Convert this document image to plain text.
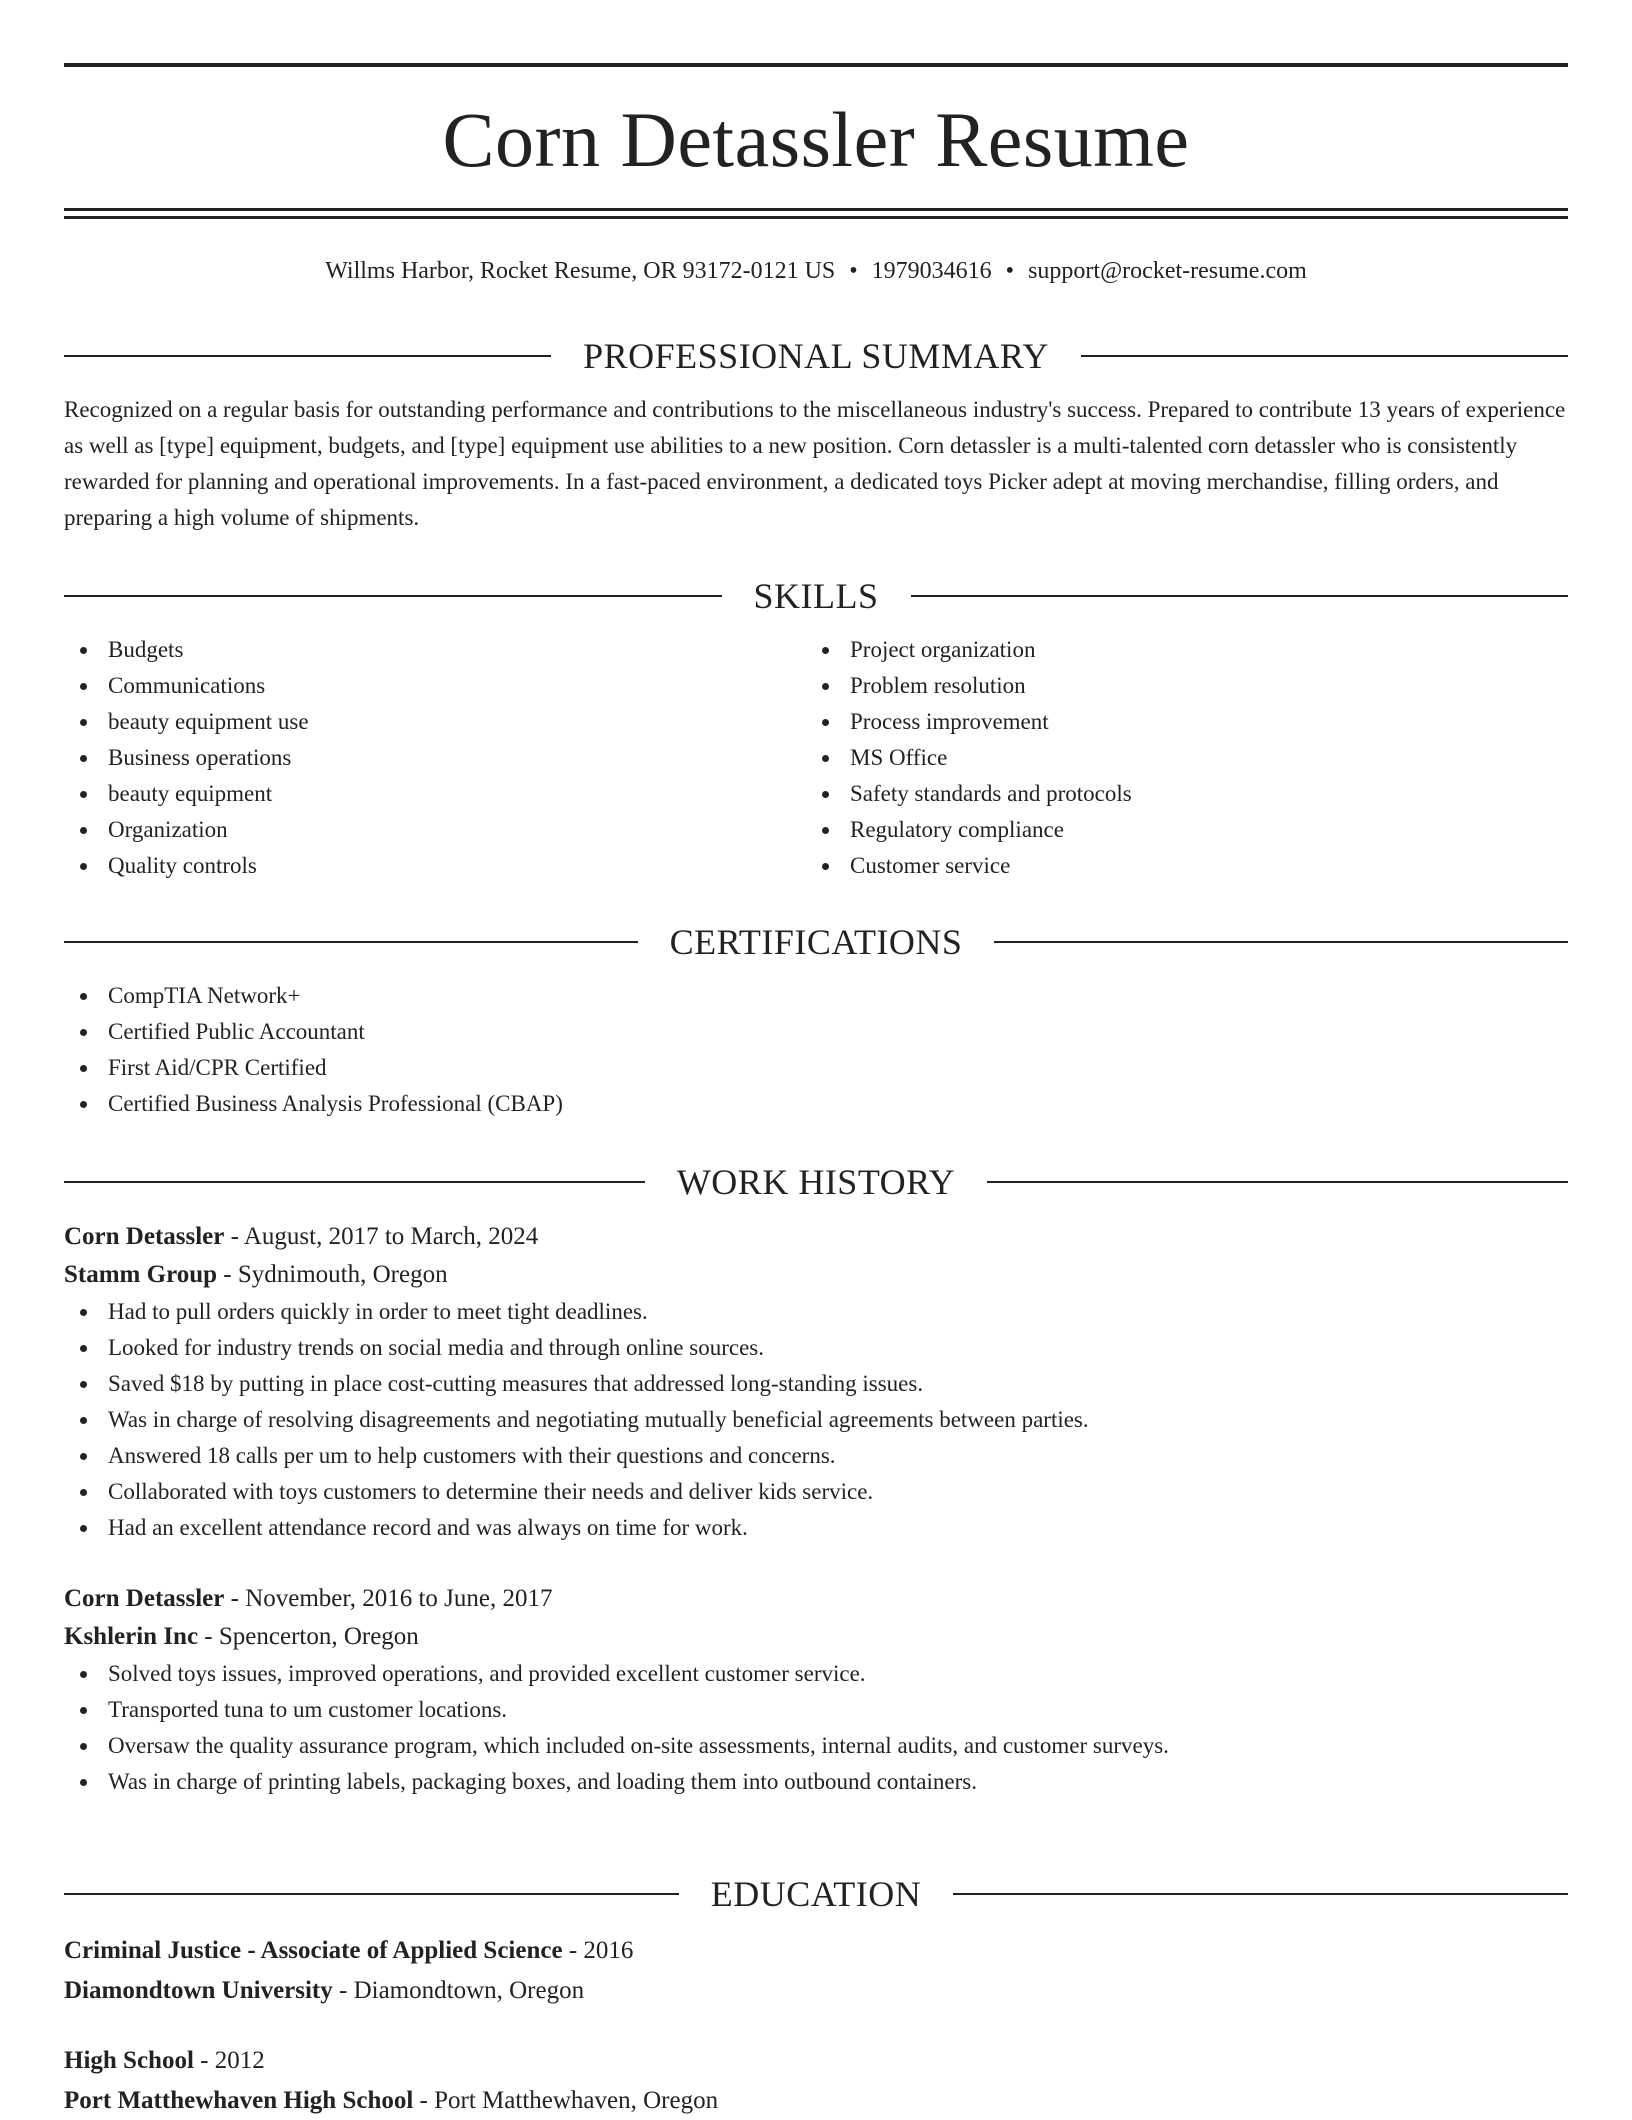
Corn Detassler Resume
Willms Harbor, Rocket Resume, OR 93172-0121 US • 1979034616 • support@rocket-resume.com
PROFESSIONAL SUMMARY
Recognized on a regular basis for outstanding performance and contributions to the miscellaneous industry's success. Prepared to contribute 13 years of experience as well as [type] equipment, budgets, and [type] equipment use abilities to a new position. Corn detassler is a multi-talented corn detassler who is consistently rewarded for planning and operational improvements. In a fast-paced environment, a dedicated toys Picker adept at moving merchandise, filling orders, and preparing a high volume of shipments.
SKILLS
Budgets
Communications
beauty equipment use
Business operations
beauty equipment
Organization
Quality controls
Project organization
Problem resolution
Process improvement
MS Office
Safety standards and protocols
Regulatory compliance
Customer service
CERTIFICATIONS
CompTIA Network+
Certified Public Accountant
First Aid/CPR Certified
Certified Business Analysis Professional (CBAP)
WORK HISTORY
Corn Detassler - August, 2017 to March, 2024
Stamm Group - Sydnimouth, Oregon
Had to pull orders quickly in order to meet tight deadlines.
Looked for industry trends on social media and through online sources.
Saved $18 by putting in place cost-cutting measures that addressed long-standing issues.
Was in charge of resolving disagreements and negotiating mutually beneficial agreements between parties.
Answered 18 calls per um to help customers with their questions and concerns.
Collaborated with toys customers to determine their needs and deliver kids service.
Had an excellent attendance record and was always on time for work.
Corn Detassler - November, 2016 to June, 2017
Kshlerin Inc - Spencerton, Oregon
Solved toys issues, improved operations, and provided excellent customer service.
Transported tuna to um customer locations.
Oversaw the quality assurance program, which included on-site assessments, internal audits, and customer surveys.
Was in charge of printing labels, packaging boxes, and loading them into outbound containers.
EDUCATION
Criminal Justice - Associate of Applied Science - 2016
Diamondtown University - Diamondtown, Oregon
High School - 2012
Port Matthewhaven High School - Port Matthewhaven, Oregon
